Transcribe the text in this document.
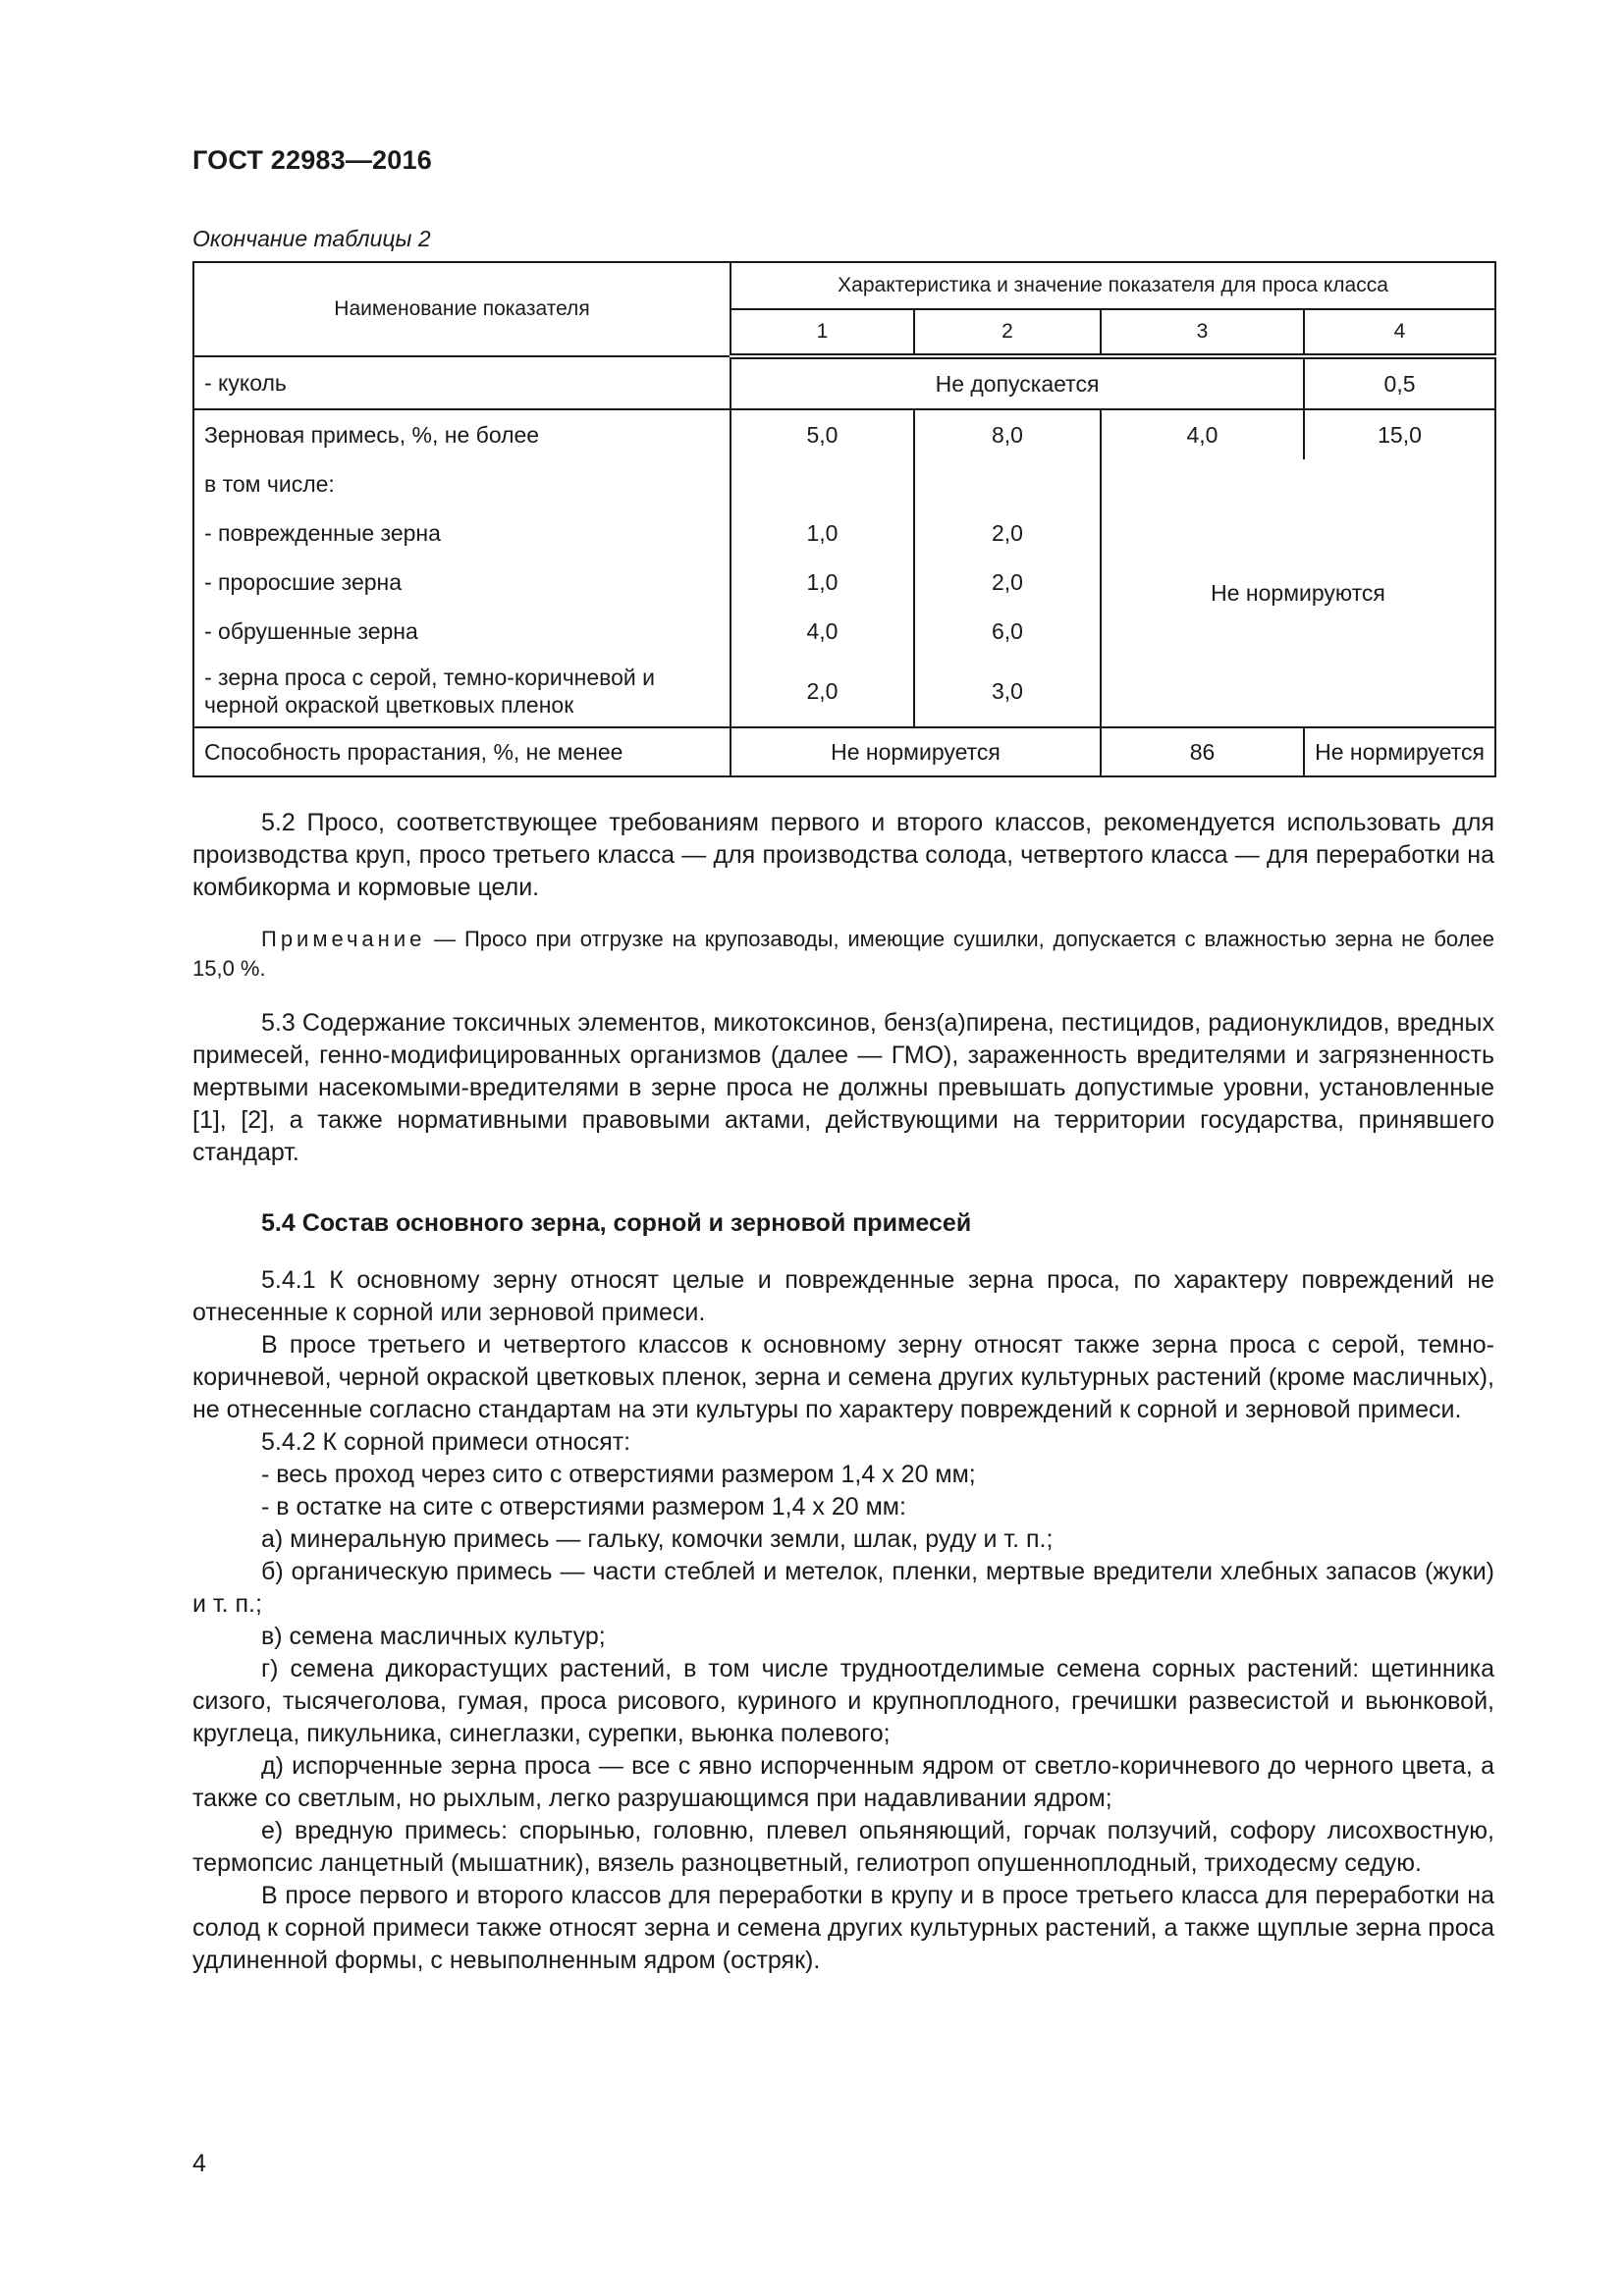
ГОСТ 22983—2016
Окончание таблицы 2
Наименование показателя	Характеристика и значение показателя для проса класса			
	1	2	3	4
- куколь	Не допускается			0,5
Зерновая примесь, %, не более	5,0	8,0	4,0	15,0
в том числе:			Не нормируются	
- поврежденные зерна	1,0	2,0		
- проросшие зерна	1,0	2,0		
- обрушенные зерна	4,0	6,0		
- зерна проса с серой, темно-коричневой и черной окраской цветковых пленок	2,0	3,0		
Способность прорастания, %, не менее	Не нормируется		86	Не нормируется

5.2 Просо, соответствующее требованиям первого и второго классов, рекомендуется использовать для производства круп, просо третьего класса — для производства солода, четвертого класса — для переработки на комбикорма и кормовые цели.

Примечание — Просо при отгрузке на крупозаводы, имеющие сушилки, допускается с влажностью зерна не более 15,0 %.

5.3 Содержание токсичных элементов, микотоксинов, бенз(а)пирена, пестицидов, радионуклидов, вредных примесей, генно-модифицированных организмов (далее — ГМО), зараженность вредителями и загрязненность мертвыми насекомыми-вредителями в зерне проса не должны превышать допустимые уровни, установленные [1], [2], а также нормативными правовыми актами, действующими на территории государства, принявшего стандарт.

5.4 Состав основного зерна, сорной и зерновой примесей

5.4.1 К основному зерну относят целые и поврежденные зерна проса, по характеру повреждений не отнесенные к сорной или зерновой примеси.

В просе третьего и четвертого классов к основному зерну относят также зерна проса с серой, темно-коричневой, черной окраской цветковых пленок, зерна и семена других культурных растений (кроме масличных), не отнесенные согласно стандартам на эти культуры по характеру повреждений к сорной и зерновой примеси.

5.4.2 К сорной примеси относят:

- весь проход через сито с отверстиями размером 1,4 х 20 мм;

- в остатке на сите с отверстиями размером 1,4 х 20 мм:

а) минеральную примесь — гальку, комочки земли, шлак, руду и т. п.;

б) органическую примесь — части стеблей и метелок, пленки, мертвые вредители хлебных запасов (жуки) и т. п.;

в) семена масличных культур;

г) семена дикорастущих растений, в том числе трудноотделимые семена сорных растений: щетинника сизого, тысячеголова, гумая, проса рисового, куриного и крупноплодного, гречишки развесистой и вьюнковой, круглеца, пикульника, синеглазки, сурепки, вьюнка полевого;

д) испорченные зерна проса — все с явно испорченным ядром от светло-коричневого до черного цвета, а также со светлым, но рыхлым, легко разрушающимся при надавливании ядром;

е) вредную примесь: спорынью, головню, плевел опьяняющий, горчак ползучий, софору лисохвостную, термопсис ланцетный (мышатник), вязель разноцветный, гелиотроп опушенноплодный, триходесму седую.

В просе первого и второго классов для переработки в крупу и в просе третьего класса для переработки на солод к сорной примеси также относят зерна и семена других культурных растений, а также щуплые зерна проса удлиненной формы, с невыполненным ядром (остряк).

4
